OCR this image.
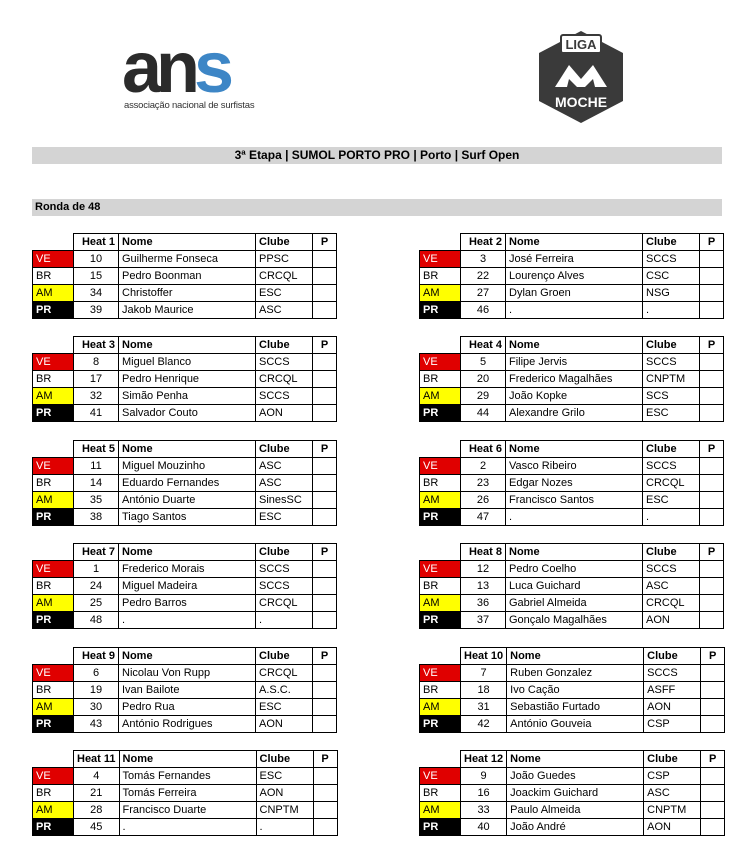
ans
associação nacional de surfistas
LIGA
MOCHE
3ª Etapa | SUMOL PORTO PRO | Porto | Surf Open
Ronda de 48
	Heat 1	Nome	Clube	P
VE	10	Guilherme Fonseca	PPSC	
BR	15	Pedro Boonman	CRCQL	
AM	34	Christoffer	ESC	
PR	39	Jakob Maurice	ASC	
	Heat 2	Nome	Clube	P
VE	3	José Ferreira	SCCS	
BR	22	Lourenço Alves	CSC	
AM	27	Dylan Groen	NSG	
PR	46	.	.	
	Heat 3	Nome	Clube	P
VE	8	Miguel Blanco	SCCS	
BR	17	Pedro Henrique	CRCQL	
AM	32	Simão Penha	SCCS	
PR	41	Salvador Couto	AON	
	Heat 4	Nome	Clube	P
VE	5	Filipe Jervis	SCCS	
BR	20	Frederico Magalhães	CNPTM	
AM	29	João Kopke	SCS	
PR	44	Alexandre Grilo	ESC	
	Heat 5	Nome	Clube	P
VE	11	Miguel Mouzinho	ASC	
BR	14	Eduardo Fernandes	ASC	
AM	35	António Duarte	SinesSC	
PR	38	Tiago Santos	ESC	
	Heat 6	Nome	Clube	P
VE	2	Vasco Ribeiro	SCCS	
BR	23	Edgar Nozes	CRCQL	
AM	26	Francisco Santos	ESC	
PR	47	.	.	
	Heat 7	Nome	Clube	P
VE	1	Frederico Morais	SCCS	
BR	24	Miguel Madeira	SCCS	
AM	25	Pedro Barros	CRCQL	
PR	48	.	.	
	Heat 8	Nome	Clube	P
VE	12	Pedro Coelho	SCCS	
BR	13	Luca Guichard	ASC	
AM	36	Gabriel Almeida	CRCQL	
PR	37	Gonçalo Magalhães	AON	
	Heat 9	Nome	Clube	P
VE	6	Nicolau Von Rupp	CRCQL	
BR	19	Ivan Bailote	A.S.C.	
AM	30	Pedro Rua	ESC	
PR	43	António Rodrigues	AON	
	Heat 10	Nome	Clube	P
VE	7	Ruben Gonzalez	SCCS	
BR	18	Ivo Cação	ASFF	
AM	31	Sebastião Furtado	AON	
PR	42	António Gouveia	CSP	
	Heat 11	Nome	Clube	P
VE	4	Tomás Fernandes	ESC	
BR	21	Tomás Ferreira	AON	
AM	28	Francisco Duarte	CNPTM	
PR	45	.	.	
	Heat 12	Nome	Clube	P
VE	9	João Guedes	CSP	
BR	16	Joackim Guichard	ASC	
AM	33	Paulo Almeida	CNPTM	
PR	40	João André	AON	
